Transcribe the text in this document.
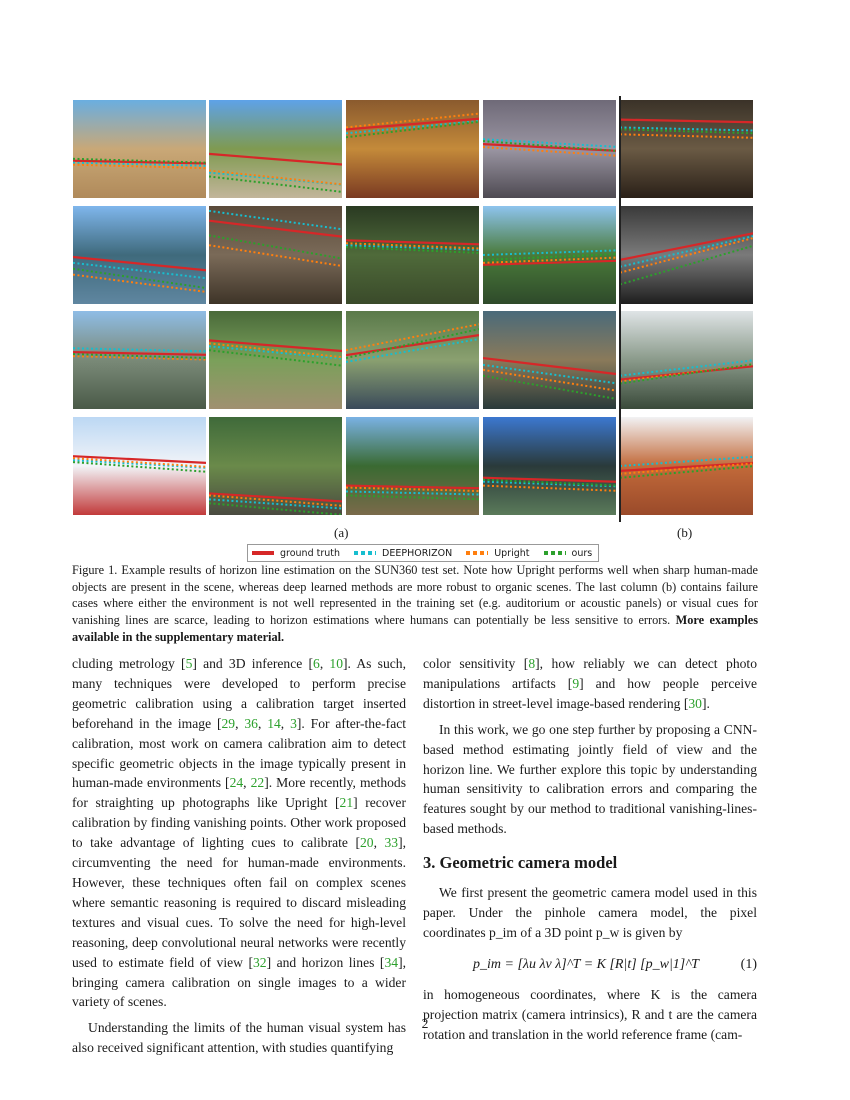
(a)	(b)
ground truth	DEEPHORIZON	Upright	ours
Figure 1. Example results of horizon line estimation on the SUN360 test set. Note how Upright performs well when sharp human-made objects are present in the scene, whereas deep learned methods are more robust to organic scenes. The last column (b) contains failure cases where either the environment is not well represented in the training set (e.g. auditorium or acoustic panels) or visual cues for vanishing lines are scarce, leading to horizon estimations where humans can potentially be less sensitive to errors. More examples available in the supplementary material.

cluding metrology [5] and 3D inference [6, 10]. As such, many techniques were developed to perform precise geometric calibration using a calibration target inserted beforehand in the image [29, 36, 14, 3]. For after-the-fact calibration, most work on camera calibration aim to detect specific geometric objects in the image typically present in human-made environments [24, 22]. More recently, methods for straighting up photographs like Upright [21] recover calibration by finding vanishing points. Other work proposed to take advantage of lighting cues to calibrate [20, 33], circumventing the need for human-made environments. However, these techniques often fail on complex scenes where semantic reasoning is required to discard misleading textures and visual cues. To solve the need for high-level reasoning, deep convolutional neural networks were recently used to estimate field of view [32] and horizon lines [34], bringing camera calibration on single images to a wider variety of scenes.

Understanding the limits of the human visual system has also received significant attention, with studies quantifying

color sensitivity [8], how reliably we can detect photo manipulations artifacts [9] and how people perceive distortion in street-level image-based rendering [30].

In this work, we go one step further by proposing a CNN-based method estimating jointly field of view and the horizon line. We further explore this topic by understanding human sensitivity to calibration errors and comparing the features sought by our method to traditional vanishing-lines-based methods.

3. Geometric camera model

We first present the geometric camera model used in this paper. Under the pinhole camera model, the pixel coordinates p_im of a 3D point p_w is given by

p_im = [λu λv λ]^T = K [R|t] [p_w|1]^T	(1)

in homogeneous coordinates, where K is the camera projection matrix (camera intrinsics), R and t are the camera rotation and translation in the world reference frame (cam-

2
